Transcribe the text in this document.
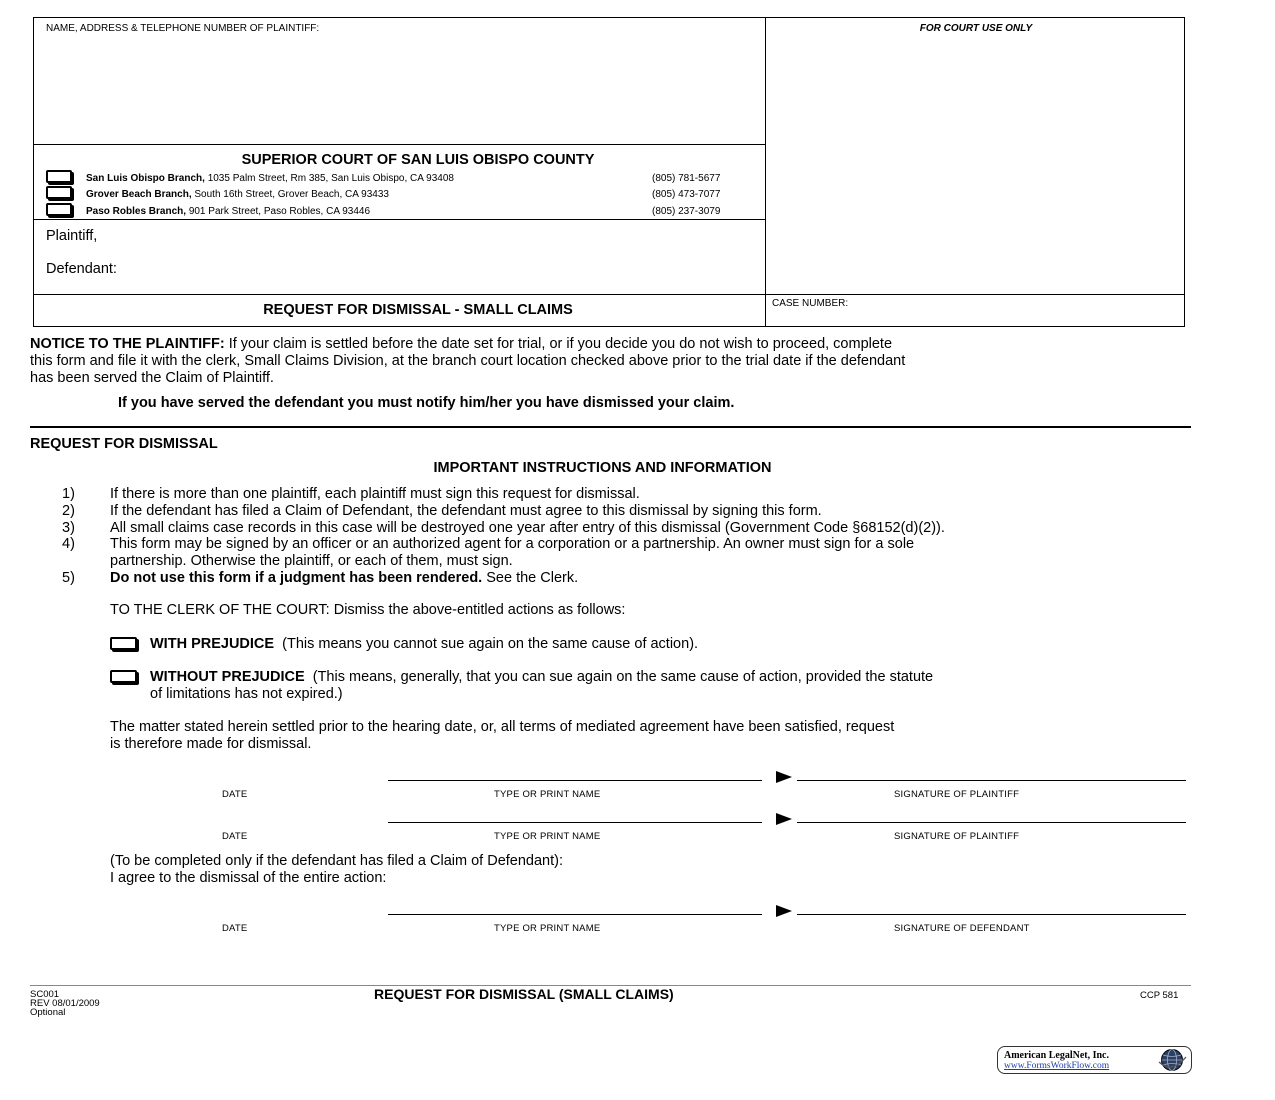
NAME, ADDRESS & TELEPHONE NUMBER OF PLAINTIFF:	FOR COURT USE ONLY
SUPERIOR COURT OF SAN LUIS OBISPO COUNTY
San Luis Obispo Branch, 1035 Palm Street, Rm 385, San Luis Obispo, CA 93408	(805) 781-5677
Grover Beach Branch, South 16th Street, Grover Beach, CA 93433	(805) 473-7077
Paso Robles Branch, 901 Park Street, Paso Robles, CA 93446	(805) 237-3079
Plaintiff,
Defendant:
REQUEST FOR DISMISSAL - SMALL CLAIMS	CASE NUMBER:
NOTICE TO THE PLAINTIFF: If your claim is settled before the date set for trial, or if you decide you do not wish to proceed, complete
this form and file it with the clerk, Small Claims Division, at the branch court location checked above prior to the trial date if the defendant
has been served the Claim of Plaintiff.
If you have served the defendant you must notify him/her you have dismissed your claim.
REQUEST FOR DISMISSAL
IMPORTANT INSTRUCTIONS AND INFORMATION
1)	If there is more than one plaintiff, each plaintiff must sign this request for dismissal.
2)	If the defendant has filed a Claim of Defendant, the defendant must agree to this dismissal by signing this form.
3)	All small claims case records in this case will be destroyed one year after entry of this dismissal (Government Code §68152(d)(2)).
4)	This form may be signed by an officer or an authorized agent for a corporation or a partnership. An owner must sign for a sole
partnership. Otherwise the plaintiff, or each of them, must sign.
5)	Do not use this form if a judgment has been rendered. See the Clerk.
TO THE CLERK OF THE COURT: Dismiss the above-entitled actions as follows:
WITH PREJUDICE (This means you cannot sue again on the same cause of action).
WITHOUT PREJUDICE (This means, generally, that you can sue again on the same cause of action, provided the statute
of limitations has not expired.)
The matter stated herein settled prior to the hearing date, or, all terms of mediated agreement have been satisfied, request
is therefore made for dismissal.
DATE	TYPE OR PRINT NAME	SIGNATURE OF PLAINTIFF
DATE	TYPE OR PRINT NAME	SIGNATURE OF PLAINTIFF
(To be completed only if the defendant has filed a Claim of Defendant):
I agree to the dismissal of the entire action:
DATE	TYPE OR PRINT NAME	SIGNATURE OF DEFENDANT
SC001
REV 08/01/2009
Optional
REQUEST FOR DISMISSAL (SMALL CLAIMS)	CCP 581
American LegalNet, Inc.
www.FormsWorkFlow.com
